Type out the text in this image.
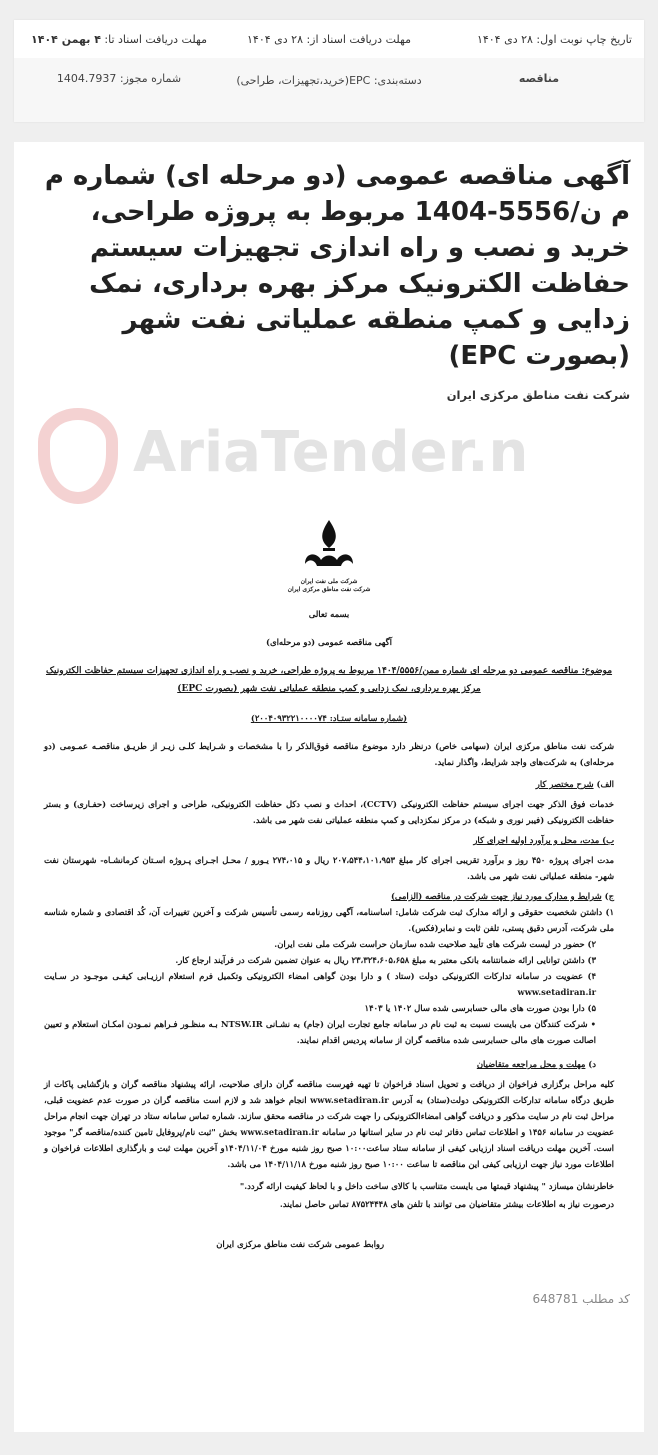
تاریخ چاپ نوبت اول: ۲۸ دی ۱۴۰۴
مهلت دریافت اسناد از: ۲۸ دی ۱۴۰۴
مهلت دریافت اسناد تا: ۴ بهمن ۱۴۰۴
مناقصه
دسته‌بندی: EPC(خرید،تجهیزات، طراحی)
شماره مجوز: 1404.7937
آگهی مناقصه عمومی (دو مرحله ای) شماره م م ن/5556-1404 مربوط به پروژه طراحی، خرید و نصب و راه اندازی تجهیزات سیستم حفاظت الکترونیک مرکز بهره برداری، نمک زدایی و کمپ منطقه عملیاتی نفت شهر (بصورت EPC)
شرکت نفت مناطق مرکزی ایران
AriaTender.n
شرکت ملی نفت ایران
شرکت نفت مناطق مرکزی ایران
بسمه تعالی
آگهی مناقصه عمومی (دو مرحله‌ای)
موضوع: مناقصه عمومی دو مرحله ای شماره ممن/۱۴۰۴/۵۵۵۶ مربوط به پروژه طراحی، خرید و نصب و راه اندازی تجهیزات سیستم حفاظت الکترونیک مرکز بهره برداری، نمک زدایی و کمپ منطقه عملیاتی نفت شهر (بصورت EPC)
(شماره سامانه ستـاد: ۲۰۰۴۰۹۳۲۲۱۰۰۰۰۷۴)
شرکت نفت مناطق مرکزی ایران (سهامی خاص) درنظر دارد موضوع مناقصه فوق‌الذکر را با مشخصات و شـرایط کلـی زیـر از طریـق مناقصـه عمـومی (دو مرحله‌ای) به شرکت‌های واجد شرایط، واگذار نماید.
الف) شرح مختصر کار
خدمات فوق الذکر جهت اجرای سیستم حفاظت الکترونیکی (CCTV)، احداث و نصب دکل حفاظت الکترونیکی، طراحی و اجرای زیرساخت (حفـاری) و بستر حفاظت الکترونیکی (فیبر نوری و شبکه) در مرکز نمکزدایی و کمپ منطقه عملیاتی نفت شهر می باشد.
ب) مدت، محل و برآورد اولیه اجرای کار
مدت اجرای پروژه ۴۵۰ روز و برآورد تقریبی اجرای کار مبلغ ۲۰۷،۵۴۴،۱۰۱،۹۵۳ ریال و ۲۷۴،۰۱۵ یـورو / محـل اجـرای پـروژه اسـتان کرمانشـاه- شهرستان نفت شهر- منطقه عملیاتی نفت شهر می باشد.
ج) شرایط و مدارک مورد نیاز جهت شرکت در مناقصه (الزامی)
۱) داشتن شخصیت حقوقی و ارائه مدارک ثبت شرکت شامل: اساسنامه، آگهی روزنامه رسمی تأسیس شرکت و آخرین تغییرات آن، کُد اقتصادی و شماره شناسه ملی شرکت، آدرس دقیق پستی، تلفن ثابت و نمابر(فکس).
۲) حضور در لیست شرکت های تأیید صلاحیت شده سازمان حراست شرکت ملی نفت ایران.
۳) داشتن توانایی ارائه ضمانتنامه بانکی معتبر به مبلغ ۲۳،۳۲۴،۶۰۵،۶۵۸ ریال به عنوان تضمین شرکت در فرآیند ارجاع کار.
۴) عضویت در سامانه تدارکات الکترونیکی دولت (ستاد ) و دارا بودن گواهی امضاء الکترونیکی وتکمیل فرم استعلام ارزیـابی کیفـی موجـود در سـایت www.setadiran.ir
۵) دارا بودن صورت های مالی حسابرسی شده سال ۱۴۰۲ یا ۱۴۰۳
• شرکت کنندگان می بایست نسبت به ثبت نام در سامانه جامع تجارت ایران (جام) به نشـانی NTSW.IR بـه منظـور فـراهم نمـودن امکـان استعلام و تعیین اصالت صورت های مالی حسابرسی شده مناقصه گران از سامانه پردیس اقدام نمایند.
د) مهلت و محل مراجعه متقاضیان
کلیه مراحل برگزاری فراخوان از دریافت و تحویل اسناد فراخوان تا تهیه فهرست مناقصه گران دارای صلاحیت، ارائه پیشنهاد مناقصه گران و بازگشایی پاکات از طریق درگاه سامانه تدارکات الکترونیکی دولت(ستاد) به آدرس www.setadiran.ir انجام خواهد شد و لازم است مناقصه گران در صورت عدم عضویت قبلی، مراحل ثبت نام در سایت مذکور و دریافت گواهی امضاءالکترونیکی را جهت شرکت در مناقصه محقق سازند. شماره تماس سامانه ستاد در تهران جهت انجام مراحل عضویت در سامانه ۱۴۵۶ و اطلاعات تماس دفاتر ثبت نام در سایر استانها در سامانه www.setadiran.ir بخش "ثبت نام/پروفایل تامین کننده/مناقصه گر" موجود است. آخرین مهلت دریافت اسناد ارزیابی کیفی از سامانه ستاد ساعت۱۰:۰۰ صبح روز شنبه مورخ ۱۴۰۴/۱۱/۰۴و آخرین مهلت ثبت و بارگذاری اطلاعات فراخوان و اطلاعات مورد نیاز جهت ارزیابی کیفی این مناقصه تا ساعت ۱۰:۰۰ صبح روز شنبه مورخ ۱۴۰۴/۱۱/۱۸ می باشد.
خاطرنشان میسازد " پیشنهاد قیمتها می بایست متناسب با کالای ساخت داخل و با لحاظ کیفیت ارائه گردد."
درصورت نیاز به اطلاعات بیشتر متقاضیان می توانند با تلفن های ۸۷۵۲۴۴۴۸ تماس حاصل نمایند.
روابط عمومی شرکت نفت مناطق مرکزی ایران
کد مطلب 648781
